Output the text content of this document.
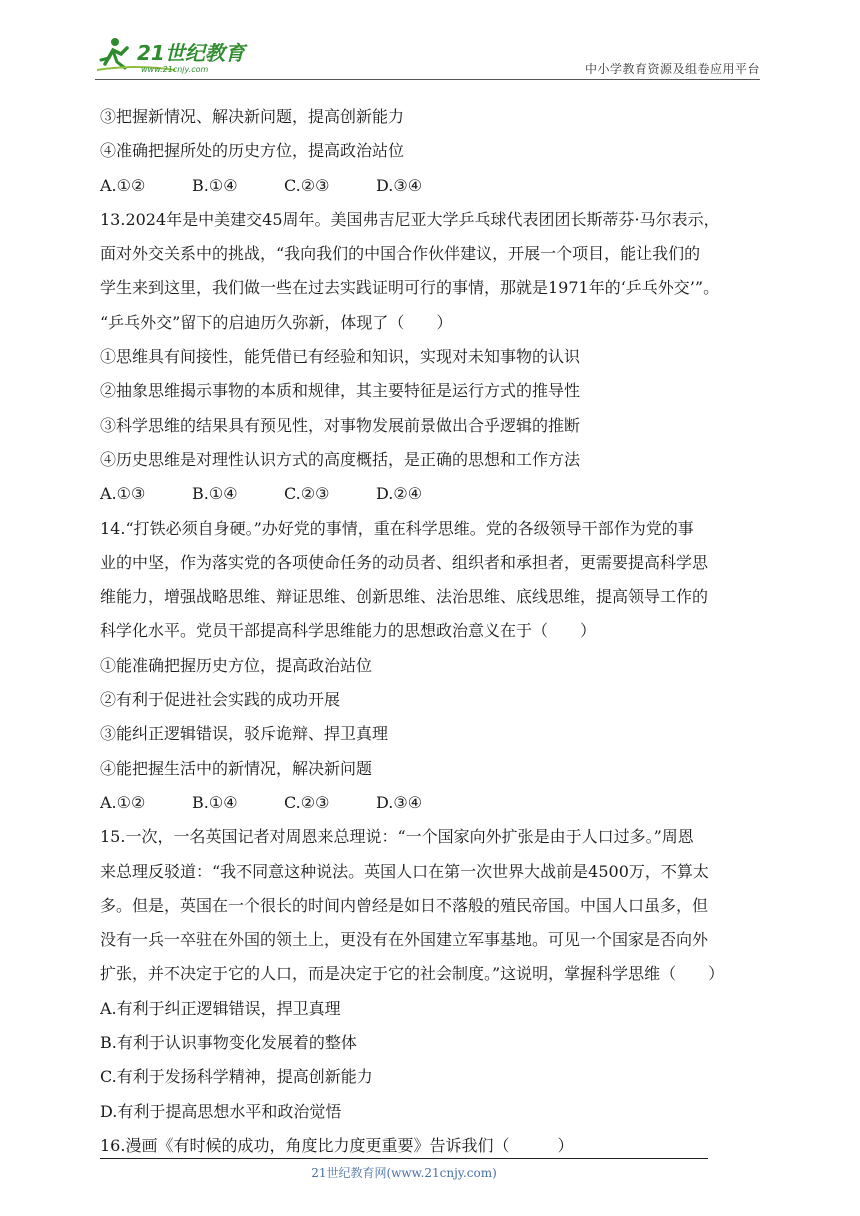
21世纪教育
www.21cnjy.com	中小学教育资源及组卷应用平台
③把握新情况、解决新问题，提高创新能力
④准确把握所处的历史方位，提高政治站位
A.①②	B.①④	C.②③	D.③④
13.2024年是中美建交45周年。美国弗吉尼亚大学乒乓球代表团团长斯蒂芬·马尔表示，
面对外交关系中的挑战，“我向我们的中国合作伙伴建议，开展一个项目，能让我们的
学生来到这里，我们做一些在过去实践证明可行的事情，那就是1971年的‘乒乓外交’”。
“乒乓外交”留下的启迪历久弥新，体现了（　　）
①思维具有间接性，能凭借已有经验和知识，实现对未知事物的认识
②抽象思维揭示事物的本质和规律，其主要特征是运行方式的推导性
③科学思维的结果具有预见性，对事物发展前景做出合乎逻辑的推断
④历史思维是对理性认识方式的高度概括，是正确的思想和工作方法
A.①③	B.①④	C.②③	D.②④
14.“打铁必须自身硬。”办好党的事情，重在科学思维。党的各级领导干部作为党的事
业的中坚，作为落实党的各项使命任务的动员者、组织者和承担者，更需要提高科学思
维能力，增强战略思维、辩证思维、创新思维、法治思维、底线思维，提高领导工作的
科学化水平。党员干部提高科学思维能力的思想政治意义在于（　　）
①能准确把握历史方位，提高政治站位
②有利于促进社会实践的成功开展
③能纠正逻辑错误，驳斥诡辩、捍卫真理
④能把握生活中的新情况，解决新问题
A.①②	B.①④	C.②③	D.③④
15.一次，一名英国记者对周恩来总理说：“一个国家向外扩张是由于人口过多。”周恩
来总理反驳道：“我不同意这种说法。英国人口在第一次世界大战前是4500万，不算太
多。但是，英国在一个很长的时间内曾经是如日不落般的殖民帝国。中国人口虽多，但
没有一兵一卒驻在外国的领土上，更没有在外国建立军事基地。可见一个国家是否向外
扩张，并不决定于它的人口，而是决定于它的社会制度。”这说明，掌握科学思维（　　）
A.有利于纠正逻辑错误，捍卫真理
B.有利于认识事物变化发展着的整体
C.有利于发扬科学精神，提高创新能力
D.有利于提高思想水平和政治觉悟
16.漫画《有时候的成功，角度比力度更重要》告诉我们（　　　）
21世纪教育网(www.21cnjy.com)
